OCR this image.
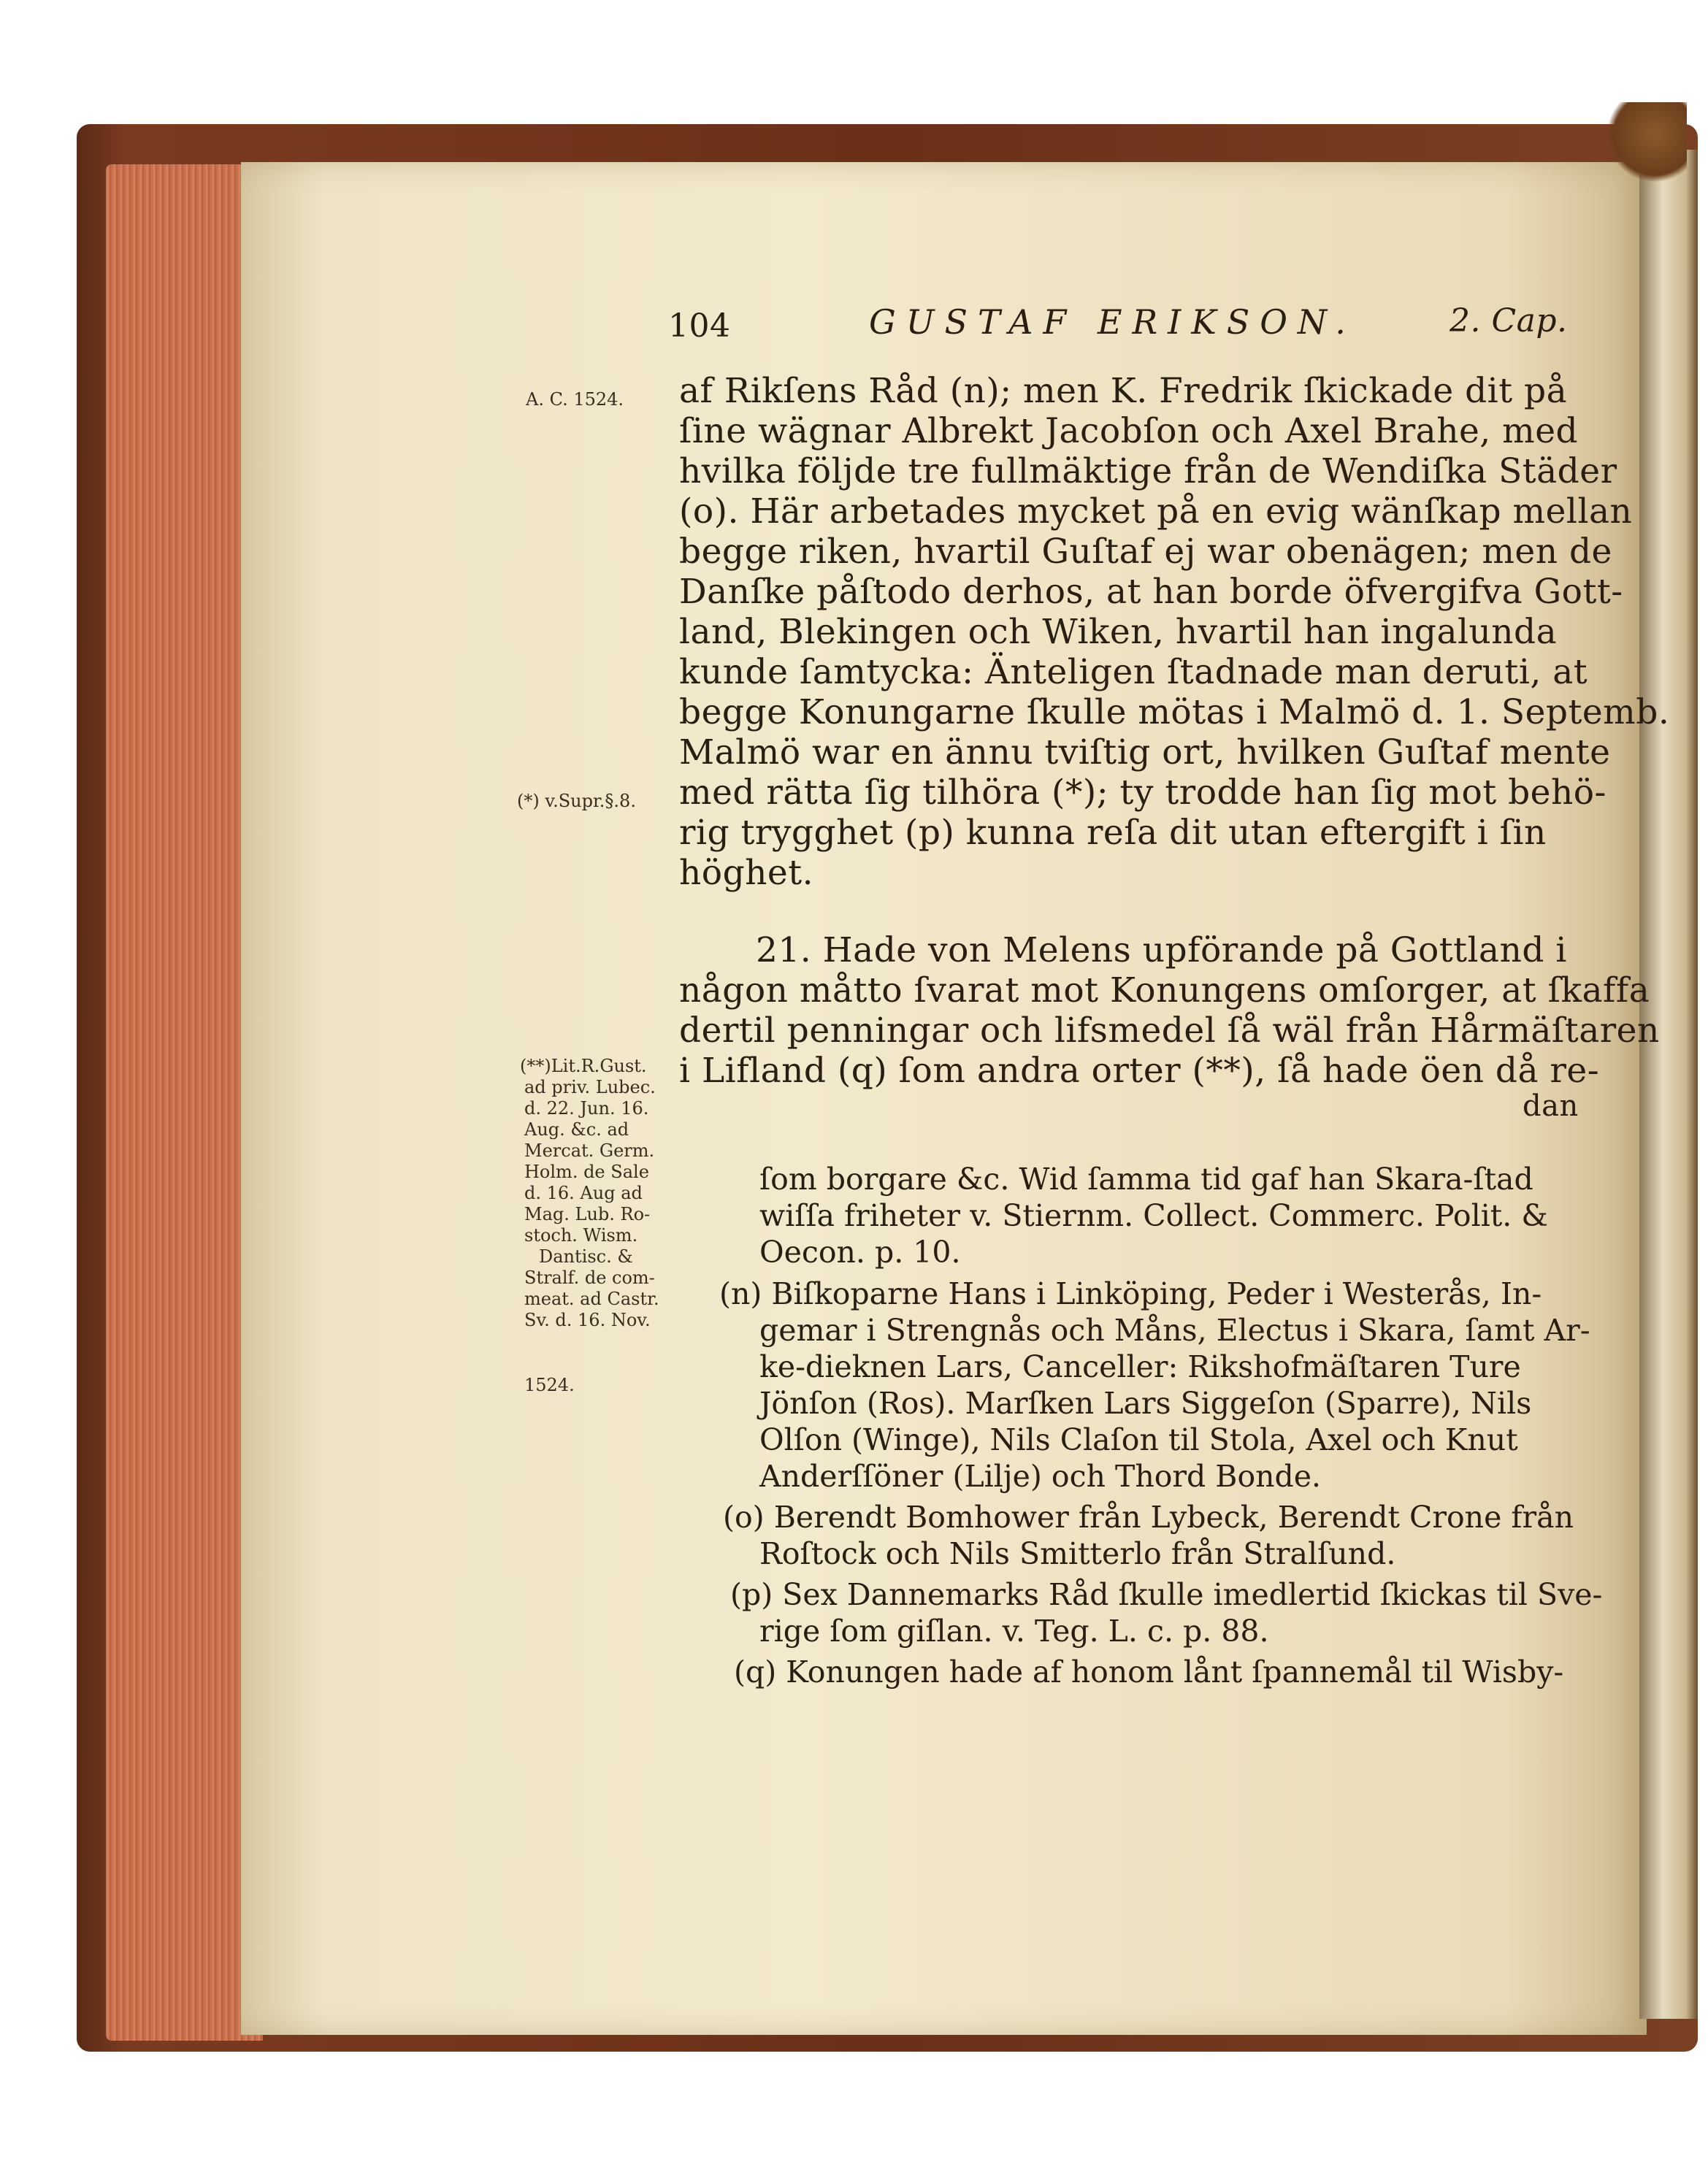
104	GUSTAF ERIKSON.	2. Cap.
A. C. 1524.
(*) v.Supr.§.8.
(**)Lit.R.Gust.
ad priv. Lubec.
d. 22. Jun. 16.
Aug. &c. ad
Mercat. Germ.
Holm. de Sale
d. 16. Aug ad
Mag. Lub. Ro-
stoch. Wism.
Dantisc. &
Stralf. de com-
meat. ad Castr.
Sv. d. 16. Nov.
1524.
af Rikſens Råd (n); men K. Fredrik ſkickade dit på
ſine wägnar Albrekt Jacobſon och Axel Brahe, med
hvilka följde tre fullmäktige från de Wendiſka Städer
(o). Här arbetades mycket på en evig wänſkap mellan
begge riken, hvartil Guſtaf ej war obenägen; men de
Danſke påſtodo derhos, at han borde öfvergifva Gott-
land, Blekingen och Wiken, hvartil han ingalunda
kunde ſamtycka: Änteligen ſtadnade man deruti, at
begge Konungarne ſkulle mötas i Malmö d. 1. Septemb.
Malmö war en ännu tviſtig ort, hvilken Guſtaf mente
med rätta ſig tilhöra (*); ty trodde han ſig mot behö-
rig trygghet (p) kunna reſa dit utan eftergift i ſin
höghet.
21. Hade von Melens upförande på Gottland i
någon måtto ſvarat mot Konungens omſorger, at ſkaffa
dertil penningar och lifsmedel ſå wäl från Hårmäſtaren
i Lifland (q) ſom andra orter (**), ſå hade öen då re-
dan
ſom borgare &c. Wid ſamma tid gaf han Skara-ſtad
wiſſa friheter v. Stiernm. Collect. Commerc. Polit. &
Oecon. p. 10.
(n) Biſkoparne Hans i Linköping, Peder i Westerås, In-
gemar i Strengnås och Måns, Electus i Skara, ſamt Ar-
ke-dieknen Lars, Canceller: Rikshofmäſtaren Ture
Jönſon (Ros). Marſken Lars Siggeſon (Sparre), Nils
Olſon (Winge), Nils Claſon til Stola, Axel och Knut
Anderſſöner (Lilje) och Thord Bonde.
(o) Berendt Bomhower från Lybeck, Berendt Crone från
Roſtock och Nils Smitterlo från Stralſund.
(p) Sex Dannemarks Råd ſkulle imedlertid ſkickas til Sve-
rige ſom giſlan. v. Teg. L. c. p. 88.
(q) Konungen hade af honom lånt ſpannemål til Wisby-
